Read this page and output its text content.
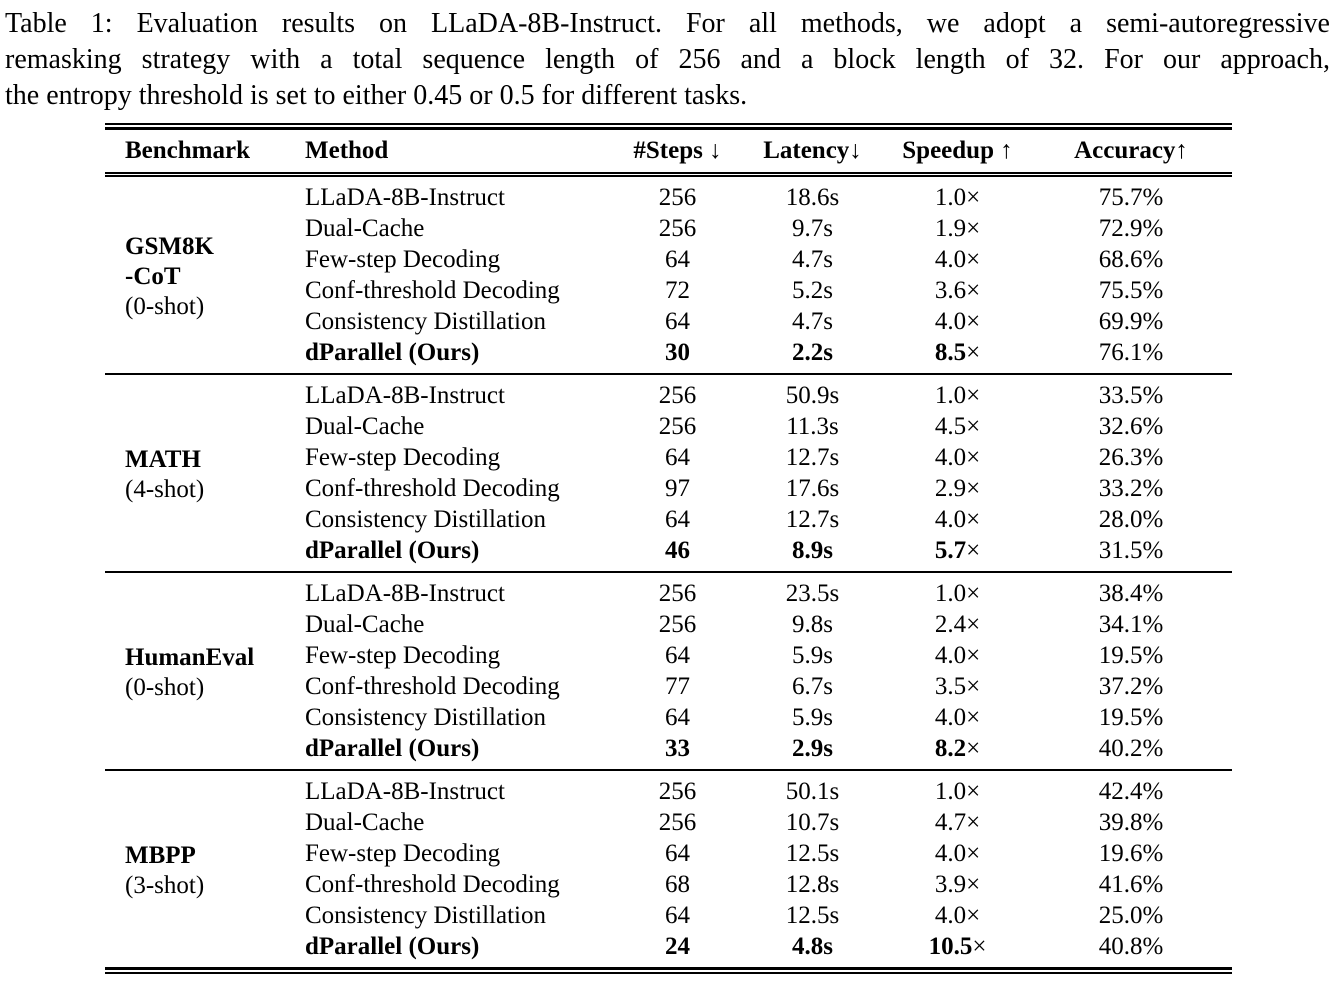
Table 1: Evaluation results on LLaDA-8B-Instruct. For all methods, we adopt a semi-autoregressive
remasking strategy with a total sequence length of 256 and a block length of 32. For our approach,
the entropy threshold is set to either 0.45 or 0.5 for different tasks.
Benchmark	Method	#Steps ↓	Latency↓	Speedup ↑	Accuracy↑

GSM8K
-CoT
(0-shot)	LLaDA-8B-Instruct	256	18.6s	1.0×	75.7%
	Dual-Cache	256	9.7s	1.9×	72.9%
	Few-step Decoding	64	4.7s	4.0×	68.6%
	Conf-threshold Decoding	72	5.2s	3.6×	75.5%
	Consistency Distillation	64	4.7s	4.0×	69.9%
	dParallel (Ours)	30	2.2s	8.5×	76.1%

MATH
(4-shot)	LLaDA-8B-Instruct	256	50.9s	1.0×	33.5%
	Dual-Cache	256	11.3s	4.5×	32.6%
	Few-step Decoding	64	12.7s	4.0×	26.3%
	Conf-threshold Decoding	97	17.6s	2.9×	33.2%
	Consistency Distillation	64	12.7s	4.0×	28.0%
	dParallel (Ours)	46	8.9s	5.7×	31.5%

HumanEval
(0-shot)	LLaDA-8B-Instruct	256	23.5s	1.0×	38.4%
	Dual-Cache	256	9.8s	2.4×	34.1%
	Few-step Decoding	64	5.9s	4.0×	19.5%
	Conf-threshold Decoding	77	6.7s	3.5×	37.2%
	Consistency Distillation	64	5.9s	4.0×	19.5%
	dParallel (Ours)	33	2.9s	8.2×	40.2%

MBPP
(3-shot)	LLaDA-8B-Instruct	256	50.1s	1.0×	42.4%
	Dual-Cache	256	10.7s	4.7×	39.8%
	Few-step Decoding	64	12.5s	4.0×	19.6%
	Conf-threshold Decoding	68	12.8s	3.9×	41.6%
	Consistency Distillation	64	12.5s	4.0×	25.0%
	dParallel (Ours)	24	4.8s	10.5×	40.8%
